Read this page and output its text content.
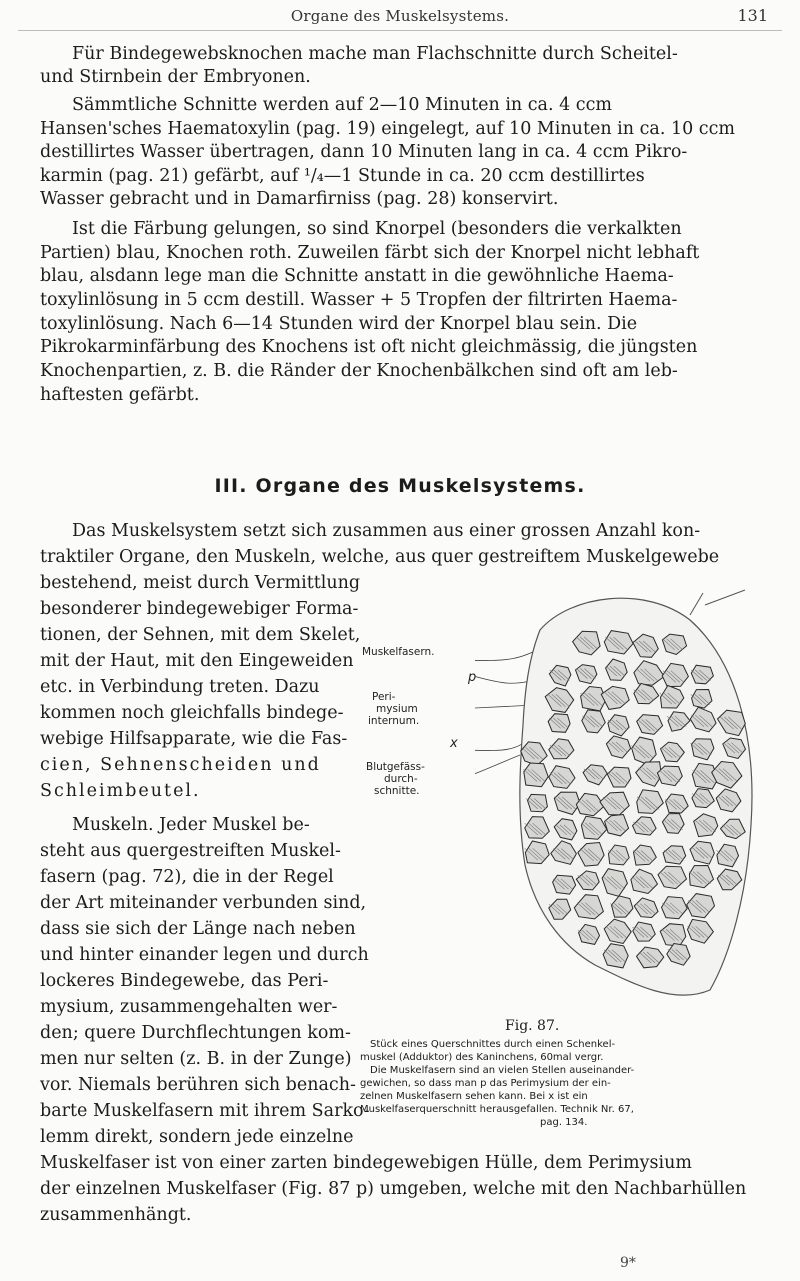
Organe des Muskelsystems.	131
Für Bindegewebsknochen mache man Flachschnitte durch Scheitel-
und Stirnbein der Embryonen.
Sämmtliche Schnitte werden auf 2—10 Minuten in ca. 4 ccm
Hansen'sches Haematoxylin (pag. 19) eingelegt, auf 10 Minuten in ca. 10 ccm
destillirtes Wasser übertragen, dann 10 Minuten lang in ca. 4 ccm Pikro-
karmin (pag. 21) gefärbt, auf ¹/₄—1 Stunde in ca. 20 ccm destillirtes
Wasser gebracht und in Damarfirniss (pag. 28) konservirt.
Ist die Färbung gelungen, so sind Knorpel (besonders die verkalkten
Partien) blau, Knochen roth. Zuweilen färbt sich der Knorpel nicht lebhaft
blau, alsdann lege man die Schnitte anstatt in die gewöhnliche Haema-
toxylinlösung in 5 ccm destill. Wasser + 5 Tropfen der filtrirten Haema-
toxylinlösung. Nach 6—14 Stunden wird der Knorpel blau sein. Die
Pikrokarminfärbung des Knochens ist oft nicht gleichmässig, die jüngsten
Knochenpartien, z. B. die Ränder der Knochenbälkchen sind oft am leb-
haftesten gefärbt.
III. Organe des Muskelsystems.
Das Muskelsystem setzt sich zusammen aus einer grossen Anzahl kon-
traktiler Organe, den Muskeln, welche, aus quer gestreiftem Muskelgewebe
bestehend, meist durch Vermittlung
besonderer bindegewebiger Forma-
tionen, der Sehnen, mit dem Skelet,
mit der Haut, mit den Eingeweiden
etc. in Verbindung treten. Dazu
kommen noch gleichfalls bindege-
webige Hilfsapparate, wie die Fas-
cien, Sehnenscheiden und
Schleimbeutel.
Muskeln. Jeder Muskel be-
steht aus quergestreiften Muskel-
fasern (pag. 72), die in der Regel
der Art miteinander verbunden sind,
dass sie sich der Länge nach neben
und hinter einander legen und durch
lockeres Bindegewebe, das Peri-
mysium, zusammengehalten wer-
den; quere Durchflechtungen kom-
men nur selten (z. B. in der Zunge)
vor. Niemals berühren sich benach-
barte Muskelfasern mit ihrem Sarko-
lemm direkt, sondern jede einzelne
Muskelfaser ist von einer zarten bindegewebigen Hülle, dem Perimysium
der einzelnen Muskelfaser (Fig. 87 p) umgeben, welche mit den Nachbarhüllen
zusammenhängt.
Muskelfasern.
p
Peri-
mysium
internum.
x
Blutgefäss-
durch-
schnitte.
Fig. 87.
Stück eines Querschnittes durch einen Schenkel-
muskel (Adduktor) des Kaninchens, 60mal vergr.
Die Muskelfasern sind an vielen Stellen auseinander-
gewichen, so dass man p das Perimysium der ein-
zelnen Muskelfasern sehen kann. Bei x ist ein
Muskelfaserquerschnitt herausgefallen. Technik Nr. 67,
pag. 134.
9*
